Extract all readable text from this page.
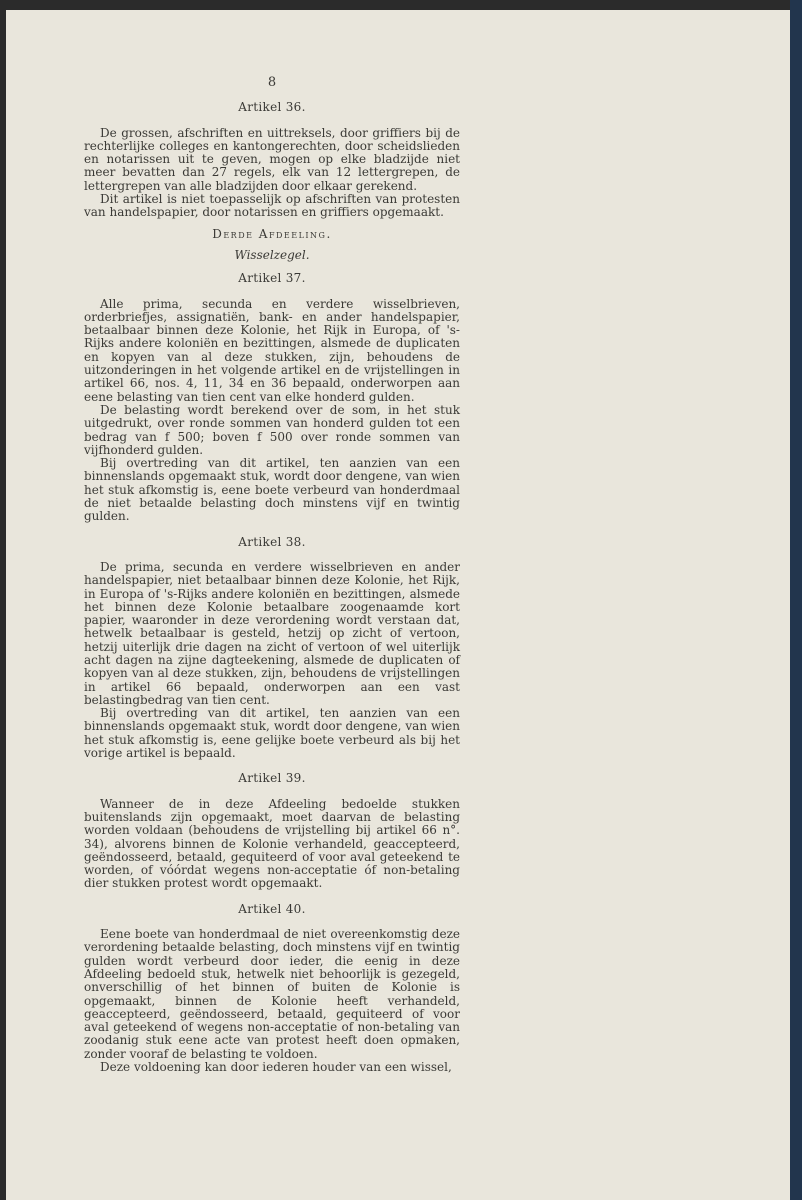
8
Artikel 36.

De grossen, afschriften en uittreksels, door griffiers bij de rechterlijke colleges en kantongerechten, door scheidslieden en notarissen uit te geven, mogen op elke bladzijde niet meer bevatten dan 27 regels, elk van 12 lettergrepen, de lettergrepen van alle bladzijden door elkaar gerekend.

Dit artikel is niet toepasselijk op afschriften van protesten van handelspapier, door notarissen en griffiers opgemaakt.

Derde Afdeeling.
Wisselzegel.
Artikel 37.

Alle prima, secunda en verdere wisselbrieven, orderbriefjes, assignatiën, bank- en ander handelspapier, betaalbaar binnen deze Kolonie, het Rijk in Europa, of 's-Rijks andere koloniën en bezittingen, alsmede de duplicaten en kopyen van al deze stukken, zijn, behoudens de uitzonderingen in het volgende artikel en de vrijstellingen in artikel 66, nos. 4, 11, 34 en 36 bepaald, onderworpen aan eene belasting van tien cent van elke honderd gulden.

De belasting wordt berekend over de som, in het stuk uitgedrukt, over ronde sommen van honderd gulden tot een bedrag van f 500; boven f 500 over ronde sommen van vijfhonderd gulden.

Bij overtreding van dit artikel, ten aanzien van een binnenslands opgemaakt stuk, wordt door dengene, van wien het stuk afkomstig is, eene boete verbeurd van honderdmaal de niet betaalde belasting doch minstens vijf en twintig gulden.

Artikel 38.

De prima, secunda en verdere wisselbrieven en ander handelspapier, niet betaalbaar binnen deze Kolonie, het Rijk, in Europa of 's-Rijks andere koloniën en bezittingen, alsmede het binnen deze Kolonie betaalbare zoogenaamde kort papier, waaronder in deze verordening wordt verstaan dat, hetwelk betaalbaar is gesteld, hetzij op zicht of vertoon, hetzij uiterlijk drie dagen na zicht of vertoon of wel uiterlijk acht dagen na zijne dagteekening, alsmede de duplicaten of kopyen van al deze stukken, zijn, behoudens de vrijstellingen in artikel 66 bepaald, onderworpen aan een vast belastingbedrag van tien cent.

Bij overtreding van dit artikel, ten aanzien van een binnenslands opgemaakt stuk, wordt door dengene, van wien het stuk afkomstig is, eene gelijke boete verbeurd als bij het vorige artikel is bepaald.

Artikel 39.

Wanneer de in deze Afdeeling bedoelde stukken buitenslands zijn opgemaakt, moet daarvan de belasting worden voldaan (behoudens de vrijstelling bij artikel 66 n°. 34), alvorens binnen de Kolonie verhandeld, geaccepteerd, geëndosseerd, betaald, gequiteerd of voor aval geteekend te worden, of vóórdat wegens non-acceptatie óf non-betaling dier stukken protest wordt opgemaakt.

Artikel 40.

Eene boete van honderdmaal de niet overeenkomstig deze verordening betaalde belasting, doch minstens vijf en twintig gulden wordt verbeurd door ieder, die eenig in deze Afdeeling bedoeld stuk, hetwelk niet behoorlijk is gezegeld, onverschillig of het binnen of buiten de Kolonie is opgemaakt, binnen de Kolonie heeft verhandeld, geaccepteerd, geëndosseerd, betaald, gequiteerd of voor aval geteekend of wegens non-acceptatie of non-betaling van zoodanig stuk eene acte van protest heeft doen opmaken, zonder vooraf de belasting te voldoen.

Deze voldoening kan door iederen houder van een wissel,
